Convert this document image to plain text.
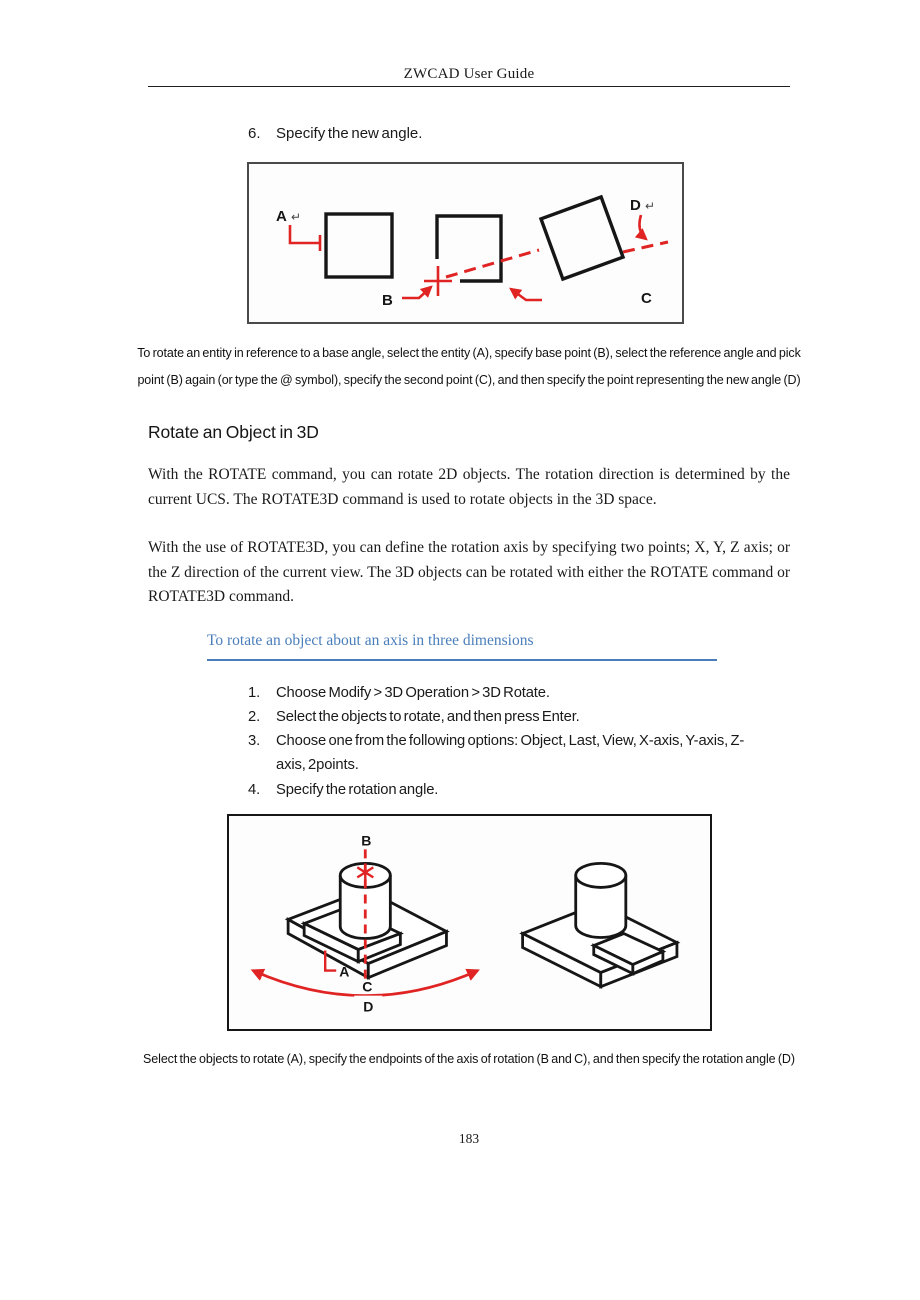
ZWCAD User Guide
6.	Specify the new angle.
A ↵
B	C
D ↵
To rotate an entity in reference to a base angle, select the entity (A), specify base point (B), select the reference angle and pick point (B) again (or type the @ symbol), specify the second point (C), and then specify the point representing the new angle (D)
Rotate an Object in 3D
With the ROTATE command, you can rotate 2D objects. The rotation direction is determined by the current UCS. The ROTATE3D command is used to rotate objects in the 3D space.
With the use of ROTATE3D, you can define the rotation axis by specifying two points; X, Y, Z axis; or the Z direction of the current view. The 3D objects can be rotated with either the ROTATE command or ROTATE3D command.
To rotate an object about an axis in three dimensions
1.	Choose Modify > 3D Operation > 3D Rotate.
2.	Select the objects to rotate, and then press Enter.
3.	Choose one from the following options: Object, Last, View, X-axis, Y-axis, Z-axis, 2points.
4.	Specify the rotation angle.
B
A
C
D
Select the objects to rotate (A), specify the endpoints of the axis of rotation (B and C), and then specify the rotation angle (D)
183
